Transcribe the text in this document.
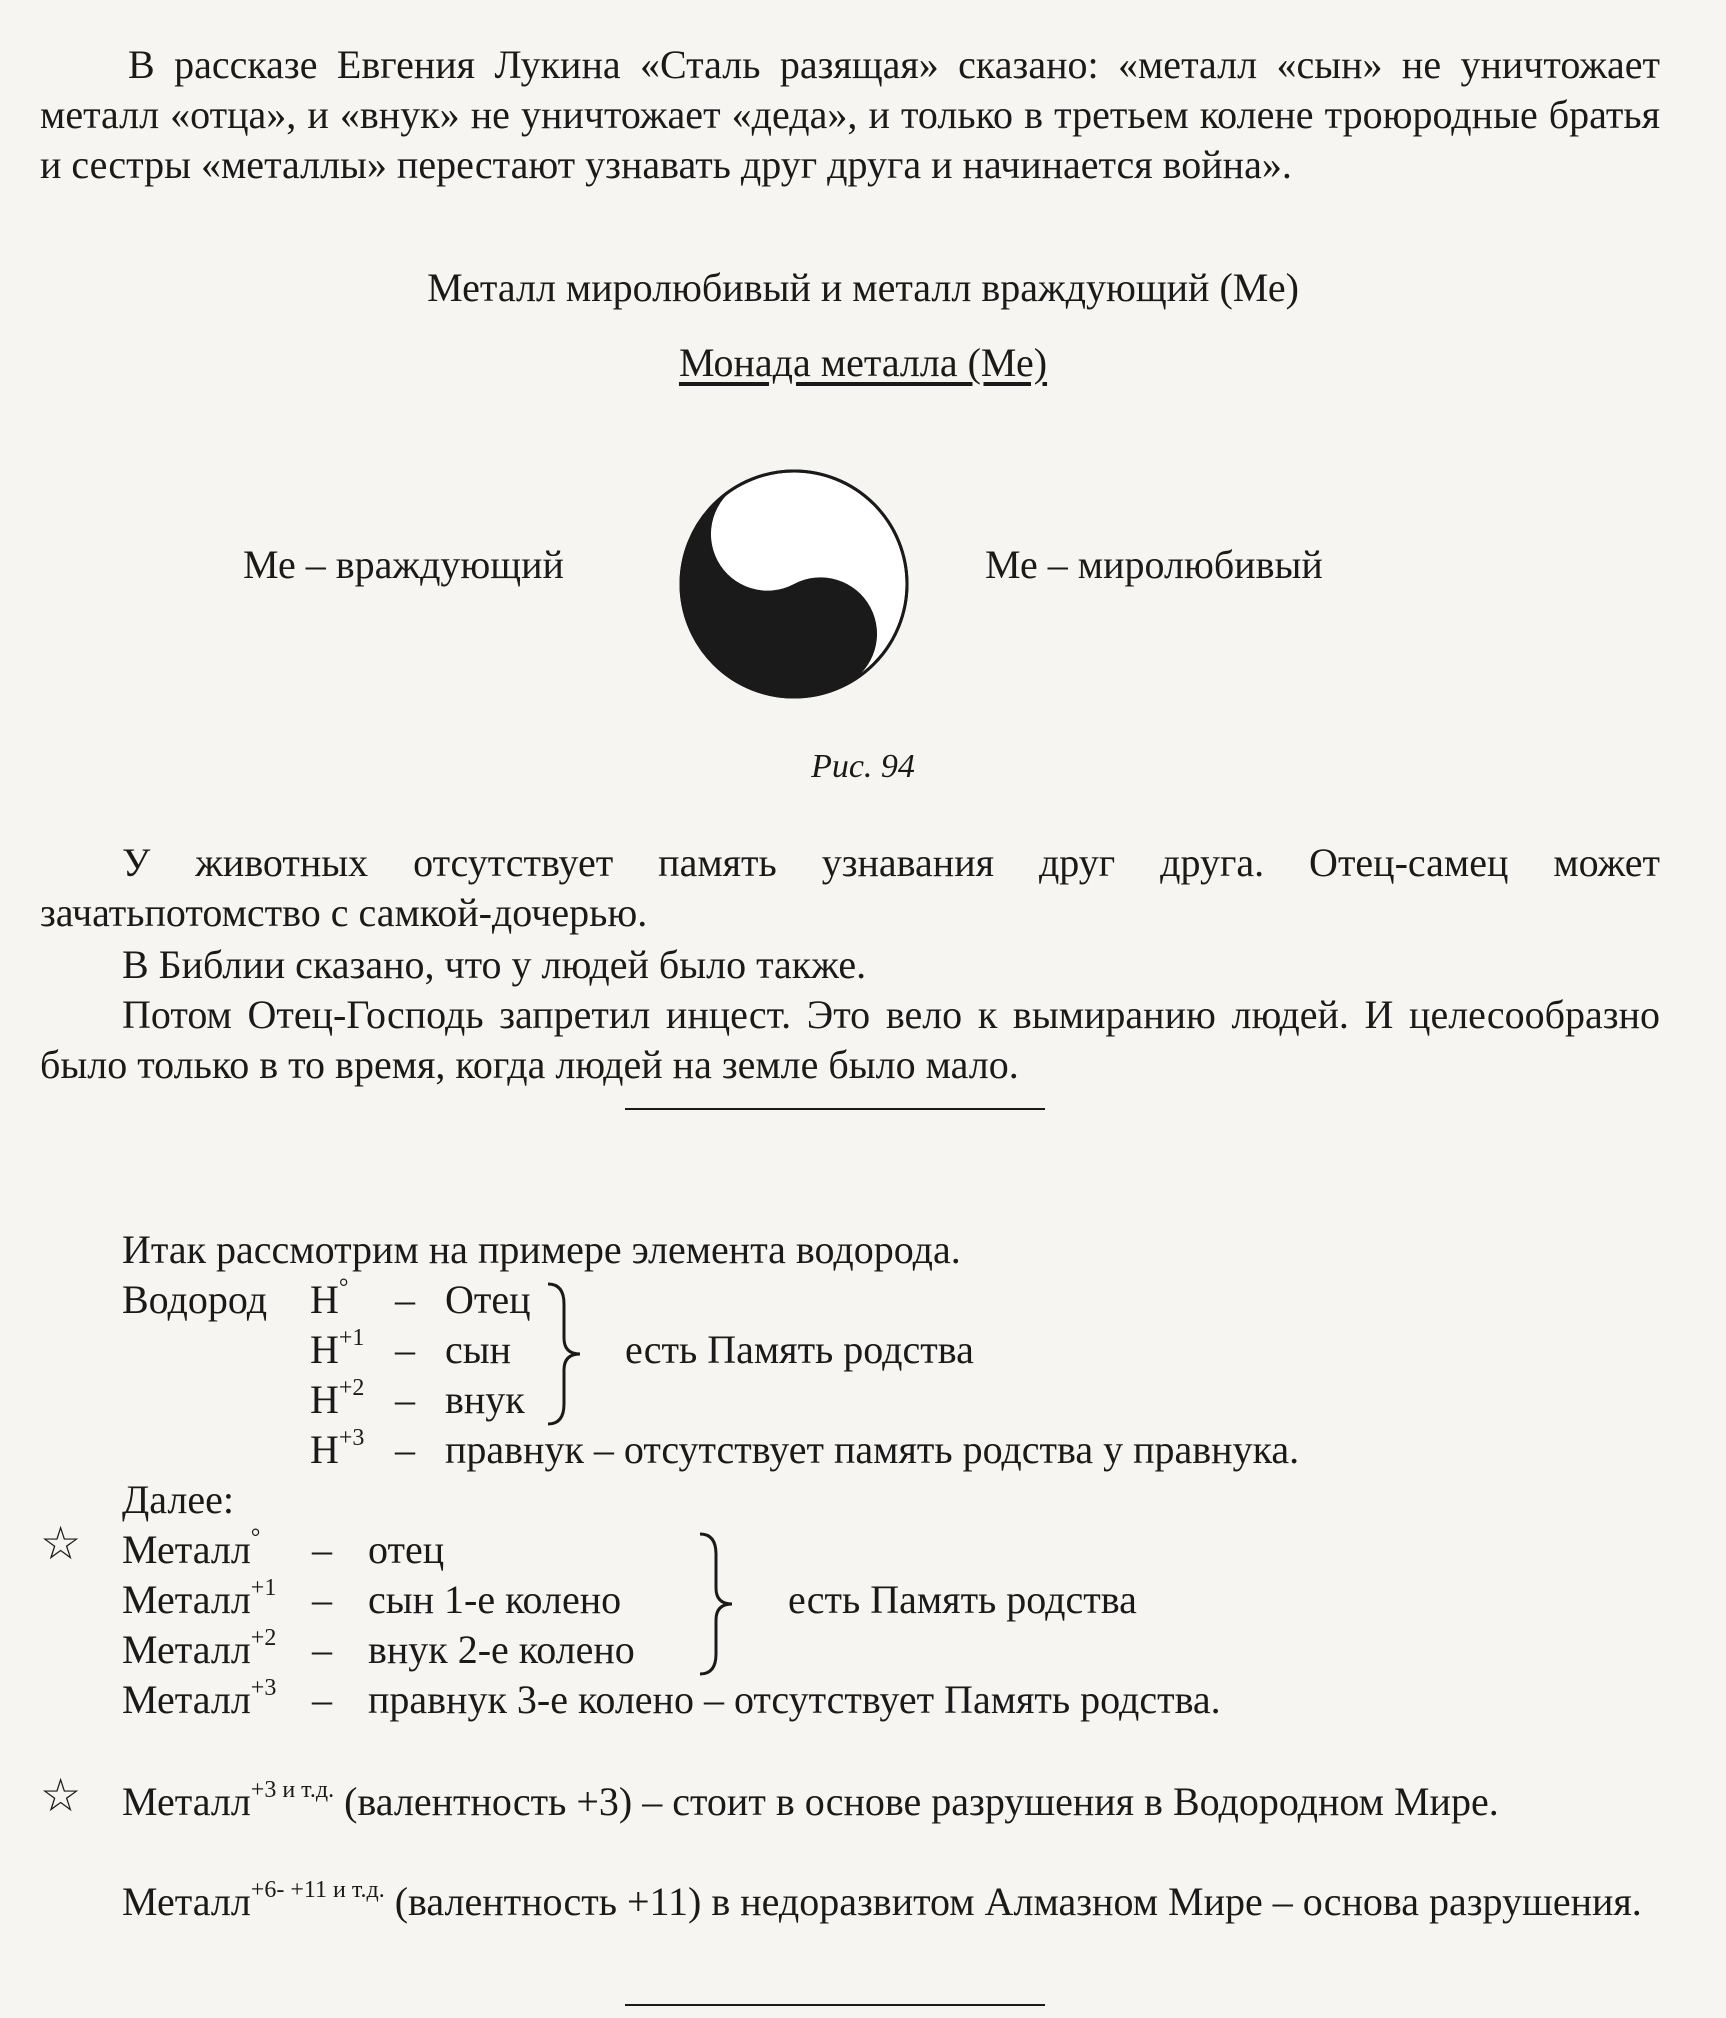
В рассказе Евгения Лукина «Сталь разящая» сказано: «металл «сын» не уничтожает металл «отца», и «внук» не уничтожает «деда», и только в третьем колене троюродные братья и сестры «металлы» перестают узнавать друг друга и начинается война».

Металл миролюбивый и металл враждующий (Ме)

Монада металла (Ме)

Ме – враждующий	Ме – миролюбивый

Рис. 94

У животных отсутствует память узнавания друг друга. Отец-самец может зачатьпотомство с самкой-дочерью.

В Библии сказано, что у людей было также.

Потом Отец-Господь запретил инцест. Это вело к вымиранию людей. И целесообразно было только в то время, когда людей на земле было мало.

Итак рассмотрим на примере элемента водорода.
Водород H° – Отец
$H^{+1}$ – сын
$H^{+2}$ – внук
есть Память родства
$H^{+3}$ – правнук – отсутствует память родства у правнука.
Далее:
☆ Металл° – отец
Металл$^{+1}$ – сын 1-е колено
Металл$^{+2}$ – внук 2-е колено
есть Память родства
Металл$^{+3}$ – правнук 3-е колено – отсутствует Память родства.
☆	Металл$^{+3 и т.д.}$ (валентность +3) – стоит в основе разрушения в Водородном Мире.

Металл$^{+6- +11 и т.д.}$ (валентность +11) в недоразвитом Алмазном Мире – основа разрушения.
